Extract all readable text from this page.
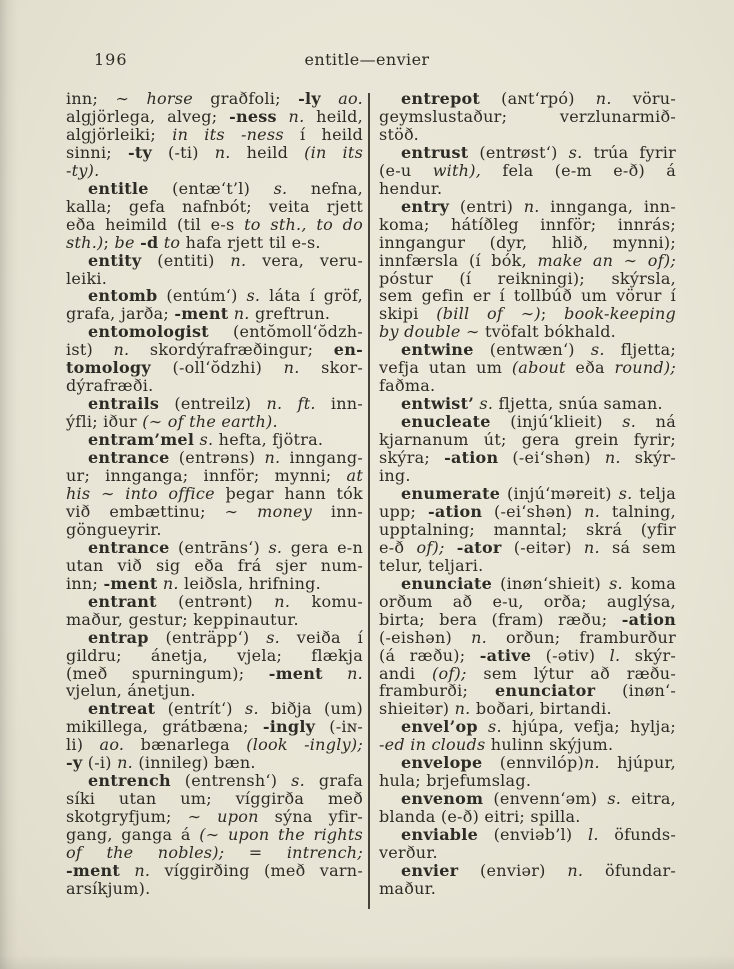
196	entitle—envier
inn; ∼ horse graðfoli; -ly ao.
algjörlega, alveg; -ness n. heild,
algjörleiki; in its -ness í heild
sinni; -ty (-ti) n. heild (in its
-ty).
entitle (entæ‘t’l) s. nefna,
kalla; gefa nafnbót; veita rjett
eða heimild (til e-s to sth., to do
sth.); be -d to hafa rjett til e-s.
entity (entiti) n. vera, veru-
leiki.
entomb (entúm‘) s. láta í gröf,
grafa, jarða; -ment n. greftrun.
entomologist (entŏmoll‘ŏdzh-
ist) n. skordýrafræðingur; en-
tomology (-oll‘ŏdzhi) n. skor-
dýrafræði.
entrails (entreilz) n. ft. inn-
ýfli; iður (∼ of the earth).
entram’mel s. hefta, fjötra.
entrance (entrəns) n. inngang-
ur; innganga; innför; mynni; at
his ∼ into office þegar hann tók
við embættinu; ∼ money inn-
göngueyrir.
entrance (entrāns‘) s. gera e-n
utan við sig eða frá sjer num-
inn; -ment n. leiðsla, hrifning.
entrant (entrənt) n. komu-
maður, gestur; keppinautur.
entrap (enträpp‘) s. veiða í
gildru; ánetja, vjela; flækja
(með spurningum); -ment n.
vjelun, ánetjun.
entreat (entrít‘) s. biðja (um)
mikillega, grátbæna; -ingly (-iɴ-
li) ao. bænarlega (look -ingly);
-y (-i) n. (innileg) bæn.
entrench (entrensh‘) s. grafa
síki utan um; víggirða með
skotgryfjum; ∼ upon sýna yfir-
gang, ganga á (∼ upon the rights
of the nobles); = intrench;
-ment n. víggirðing (með varn-
arsíkjum).
entrepot (aɴt‘rpó) n. vöru-
geymslustaður; verzlunarmið-
stöð.
entrust (entrøst‘) s. trúa fyrir
(e-u with), fela (e-m e-ð) á
hendur.
entry (entri) n. innganga, inn-
koma; hátíðleg innför; innrás;
inngangur (dyr, hlið, mynni);
innfærsla (í bók, make an ∼ of);
póstur (í reikningi); skýrsla,
sem gefin er í tollbúð um vörur í
skipi (bill of ∼); book-keeping
by double ∼ tvöfalt bókhald.
entwine (entwæn‘) s. fljetta;
vefja utan um (about eða round);
faðma.
entwist’ s. fljetta, snúa saman.
enucleate (injú‘klieit) s. ná
kjarnanum út; gera grein fyrir;
skýra; -ation (-ei‘shən) n. skýr-
ing.
enumerate (injú‘məreit) s. telja
upp; -ation (-ei‘shən) n. talning,
upptalning; manntal; skrá (yfir
e-ð of); -ator (-eitər) n. sá sem
telur, teljari.
enunciate (inøn‘shieit) s. koma
orðum að e-u, orða; auglýsa,
birta; bera (fram) ræðu; -ation
(-eishən) n. orðun; framburður
(á ræðu); -ative (-ətiv) l. skýr-
andi (of); sem lýtur að ræðu-
framburði; enunciator (inøn‘-
shieitər) n. boðari, birtandi.
envel’op s. hjúpa, vefja; hylja;
-ed in clouds hulinn skýjum.
envelope (ennvilóp)n. hjúpur,
hula; brjefumslag.
envenom (envenn‘əm) s. eitra,
blanda (e-ð) eitri; spilla.
enviable (enviəb’l) l. öfunds-
verður.
envier (enviər) n. öfundar-
maður.
